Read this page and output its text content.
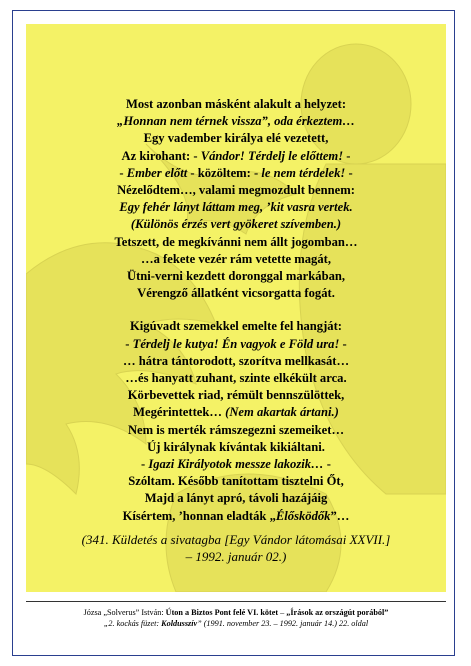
Most azonban másként alakult a helyzet:
„Honnan nem térnek vissza”, oda érkeztem…
Egy vadember királya elé vezetett,
Az kirohant: - Vándor! Térdelj le előttem! -
- Ember előtt - közöltem: - le nem térdelek! -
Nézelődtem…, valami megmozdult bennem:
Egy fehér lányt láttam meg, ’kit vasra vertek.
(Különös érzés vert gyökeret szívemben.)
Tetszett, de megkívánni nem állt jogomban…
…a fekete vezér rám vetette magát,
Ütni-verni kezdett doronggal markában,
Vérengző állatként vicsorgatta fogát.
Kigúvadt szemekkel emelte fel hangját:
- Térdelj le kutya! Én vagyok e Föld ura! -
… hátra tántorodott, szorítva mellkasát…
…és hanyatt zuhant, szinte elkékült arca.
Körbevettek riad, rémült bennszülöttek,
Megérintettek… (Nem akartak ártani.)
Nem is merték rámszegezni szemeiket…
Új királynak kívántak kikiáltani.
- Igazi Királyotok messze lakozik… -
Szóltam. Később tanítottam tisztelni Őt,
Majd a lányt apró, távoli hazájáig
Kísértem, ’honnan eladták „Élősködők”…
(341. Küldetés a sivatagba [Egy Vándor látomásai XXVII.]
– 1992. január 02.)
Józsa „Solverus” István: Úton a Biztos Pont felé VI. kötet – „Írások az országút porából”
„2. kockás füzet: Koldusszív” (1991. november 23. – 1992. január 14.) 22. oldal
